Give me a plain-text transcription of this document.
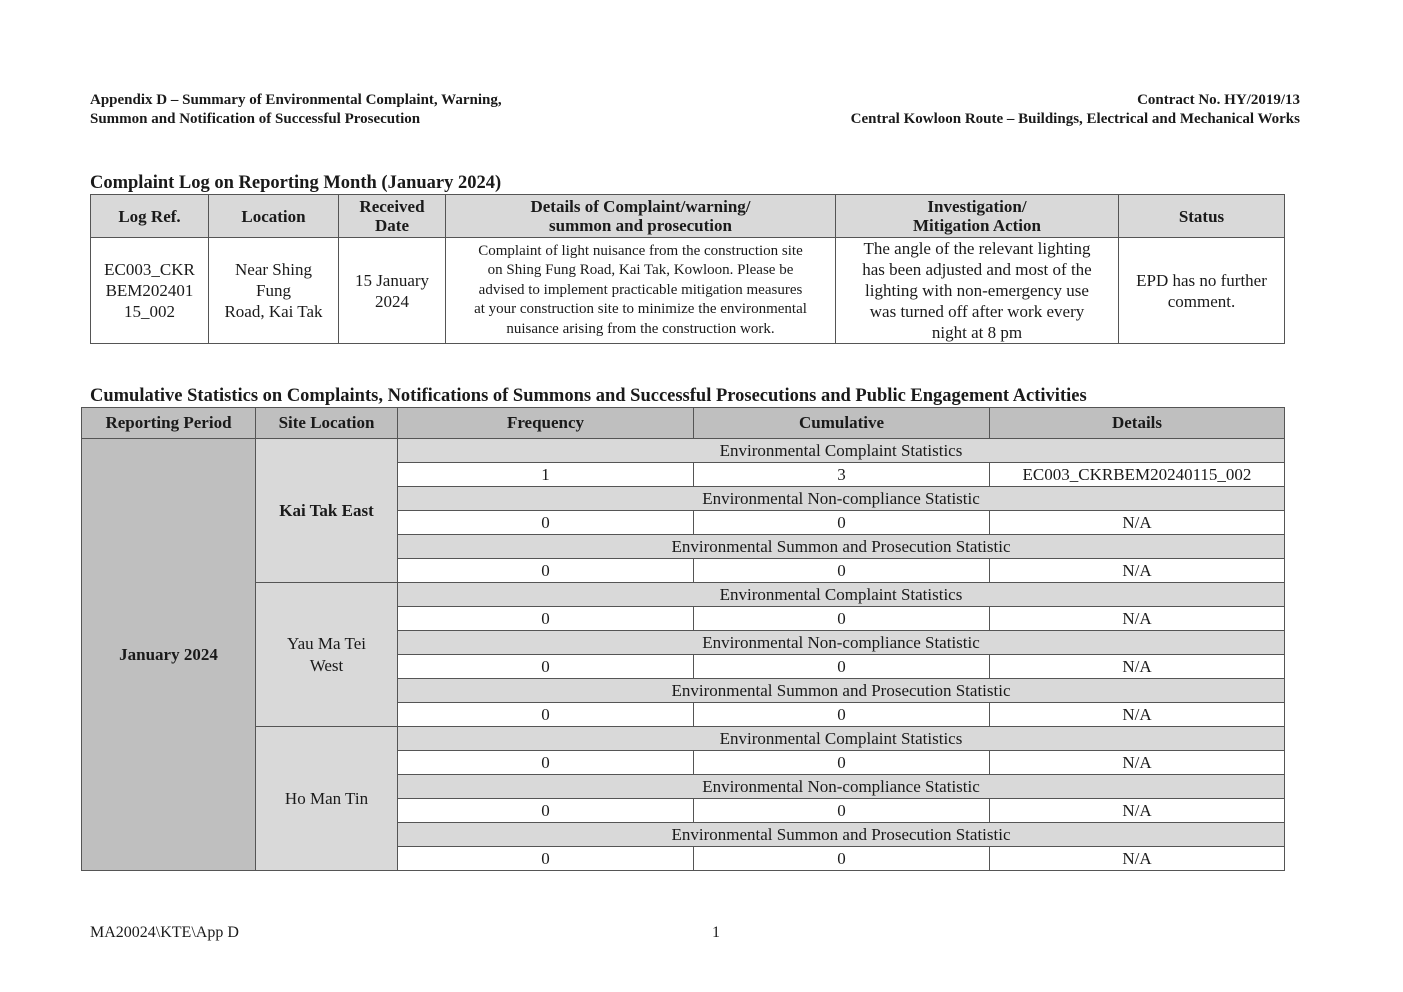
Appendix D – Summary of Environmental Complaint, Warning,
Summon and Notification of Successful Prosecution
Contract No. HY/2019/13
Central Kowloon Route – Buildings, Electrical and Mechanical Works
Complaint Log on Reporting Month (January 2024)
Log Ref.	Location	Received
Date	Details of Complaint/warning/
summon and prosecution	Investigation/
Mitigation Action	Status
EC003_CKR
BEM202401
15_002	Near Shing
Fung
Road, Kai Tak	15 January
2024	Complaint of light nuisance from the construction site
on Shing Fung Road, Kai Tak, Kowloon. Please be
advised to implement practicable mitigation measures
at your construction site to minimize the environmental
nuisance arising from the construction work.	The angle of the relevant lighting
has been adjusted and most of the
lighting with non-emergency use
was turned off after work every
night at 8 pm	EPD has no further
comment.
Cumulative Statistics on Complaints, Notifications of Summons and Successful Prosecutions and Public Engagement Activities
Reporting Period	Site Location	Frequency	Cumulative	Details
January 2024	Kai Tak East	Environmental Complaint Statistics		
		1	3	EC003_CKRBEM20240115_002
		Environmental Non-compliance Statistic		
		0	0	N/A
		Environmental Summon and Prosecution Statistic		
		0	0	N/A
	Yau Ma Tei
West	Environmental Complaint Statistics		
		0	0	N/A
		Environmental Non-compliance Statistic		
		0	0	N/A
		Environmental Summon and Prosecution Statistic		
		0	0	N/A
	Ho Man Tin	Environmental Complaint Statistics		
		0	0	N/A
		Environmental Non-compliance Statistic		
		0	0	N/A
		Environmental Summon and Prosecution Statistic		
		0	0	N/A
MA20024\KTE\App D	1
